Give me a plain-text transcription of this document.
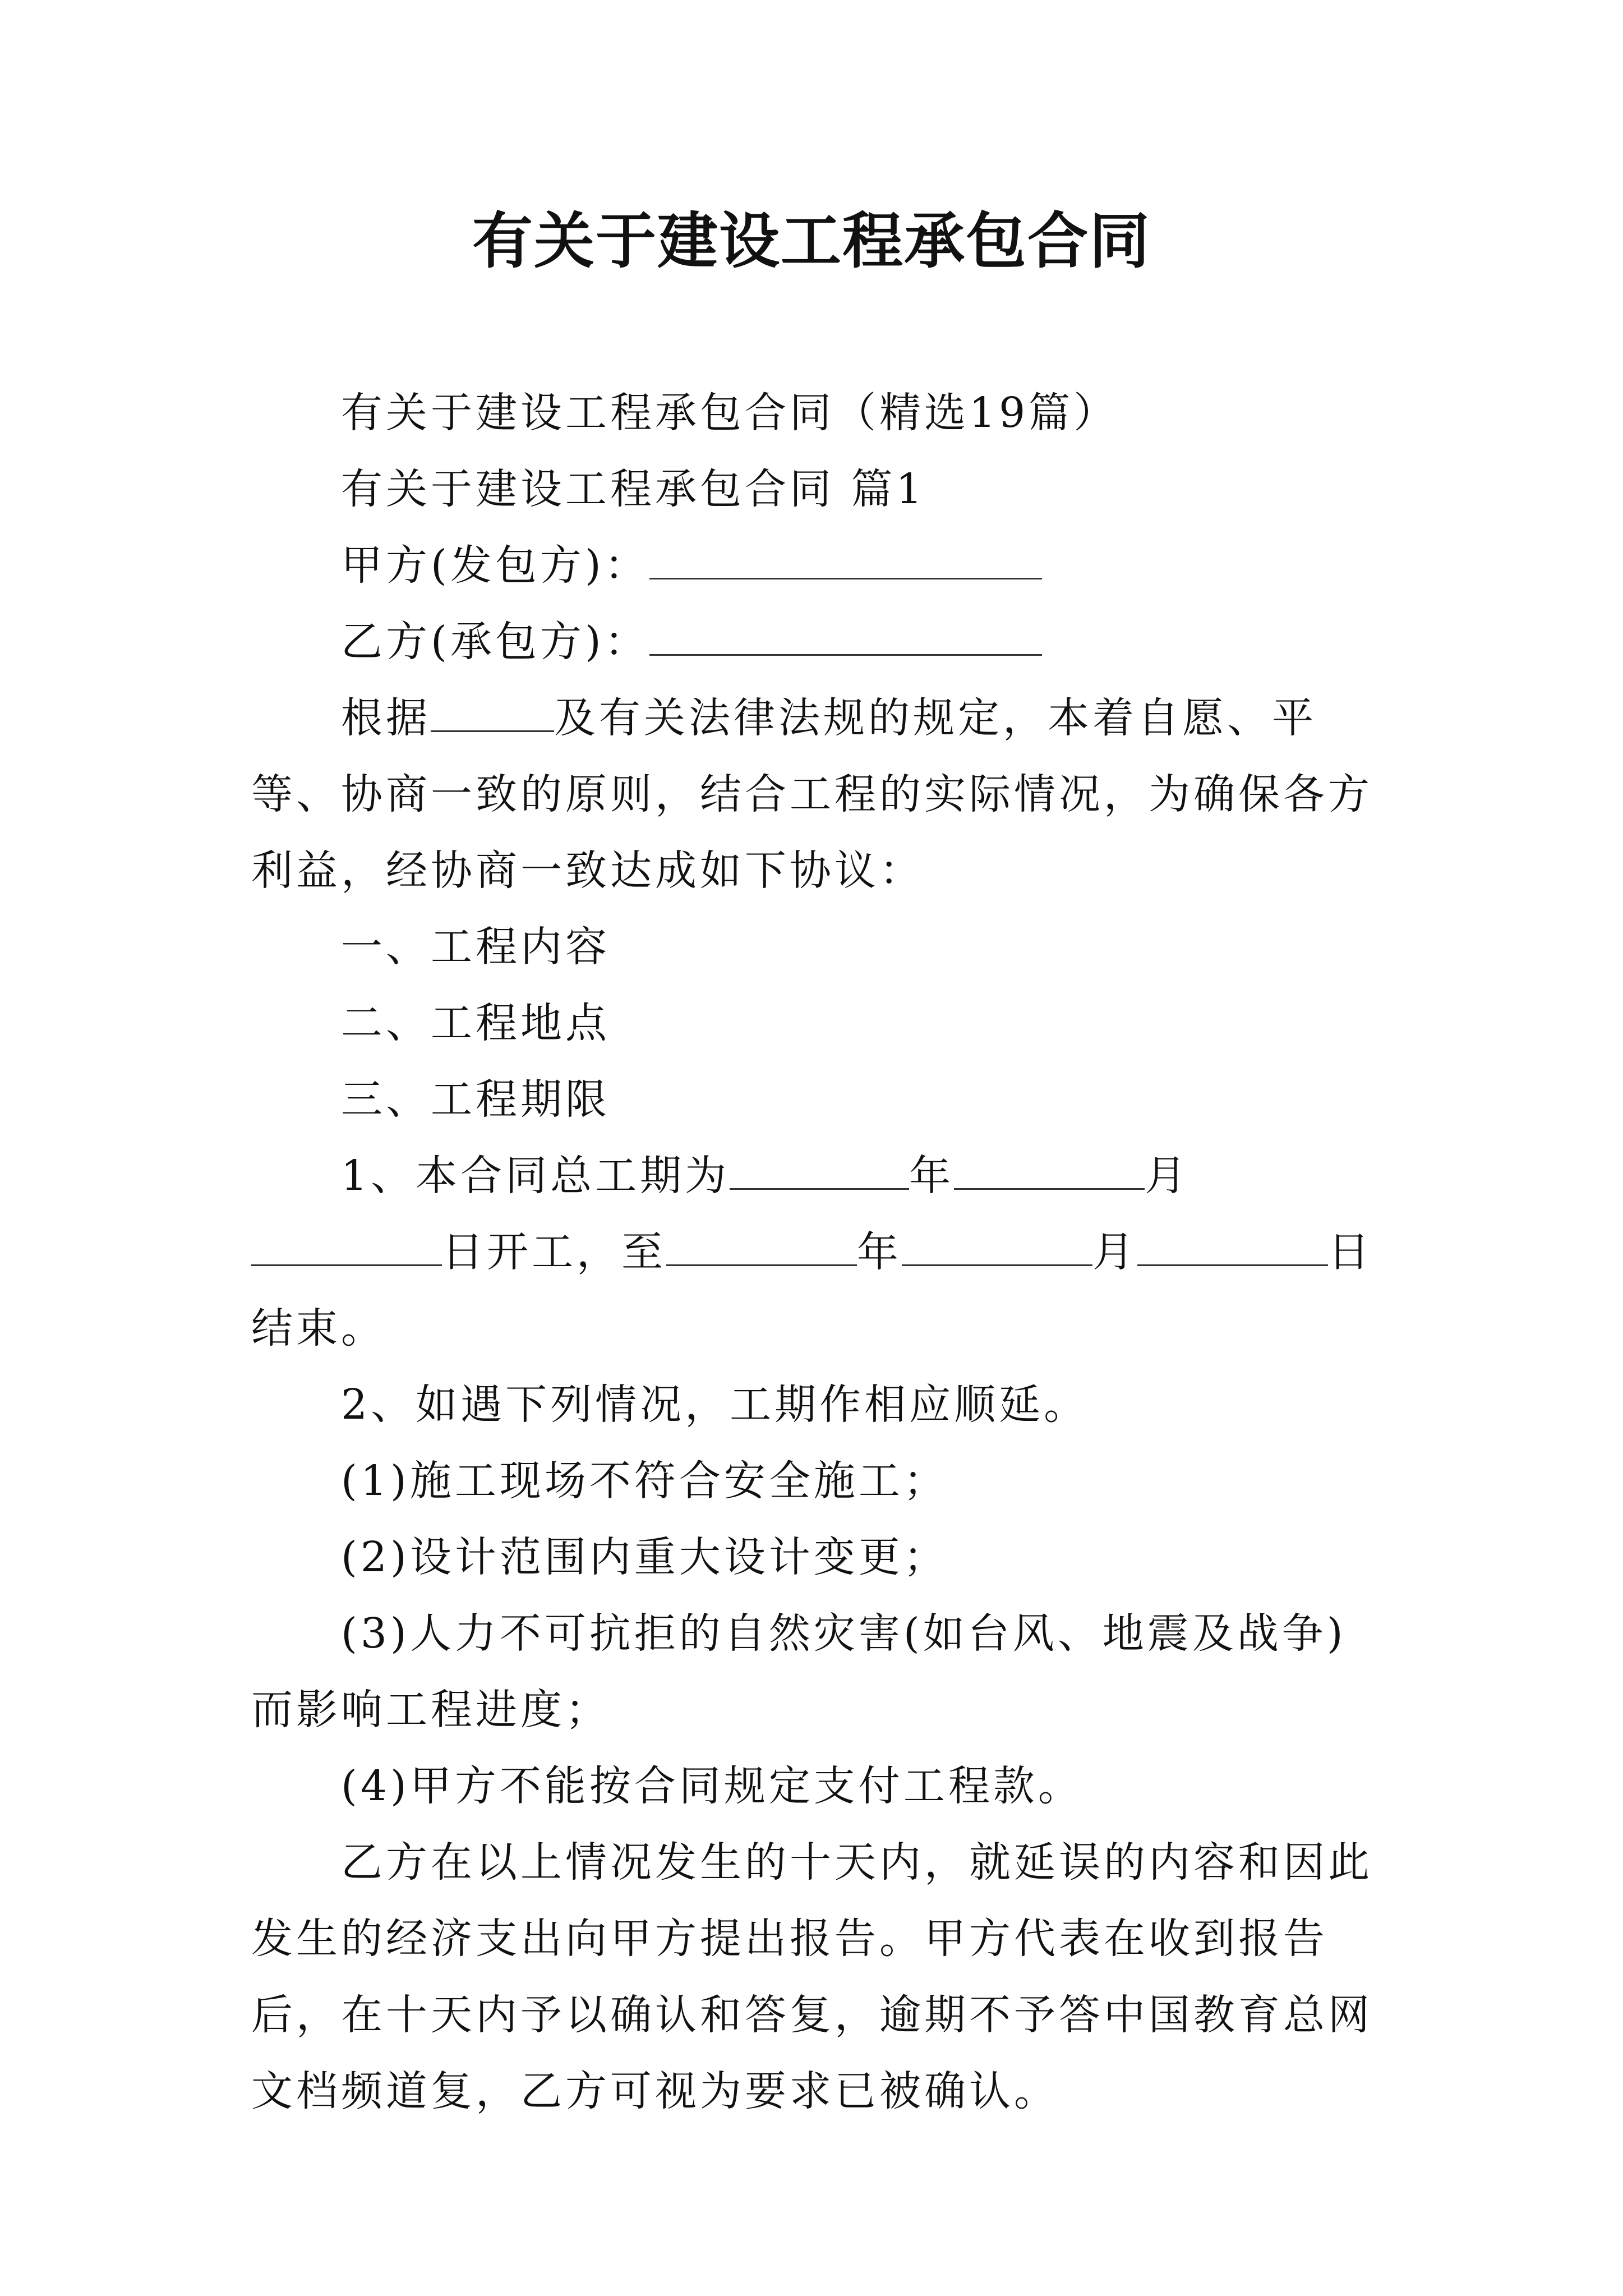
有关于建设工程承包合同

有关于建设工程承包合同（精选19篇）

有关于建设工程承包合同 篇1

甲方(发包方)：

乙方(承包方)：

根据	及有关法律法规的规定，本着自愿、平等、协商一致的原则，结合工程的实际情况，为确保各方利益，经协商一致达成如下协议：

一、工程内容

二、工程地点

三、工程期限

1、本合同总工期为	年	月日开工，至	年	月	日结束。

2、如遇下列情况，工期作相应顺延。

(1)施工现场不符合安全施工；

(2)设计范围内重大设计变更；

(3)人力不可抗拒的自然灾害(如台风、地震及战争)而影响工程进度；

(4)甲方不能按合同规定支付工程款。

乙方在以上情况发生的十天内，就延误的内容和因此发生的经济支出向甲方提出报告。甲方代表在收到报告后，在十天内予以确认和答复，逾期不予答中国教育总网文档频道复，乙方可视为要求已被确认。
